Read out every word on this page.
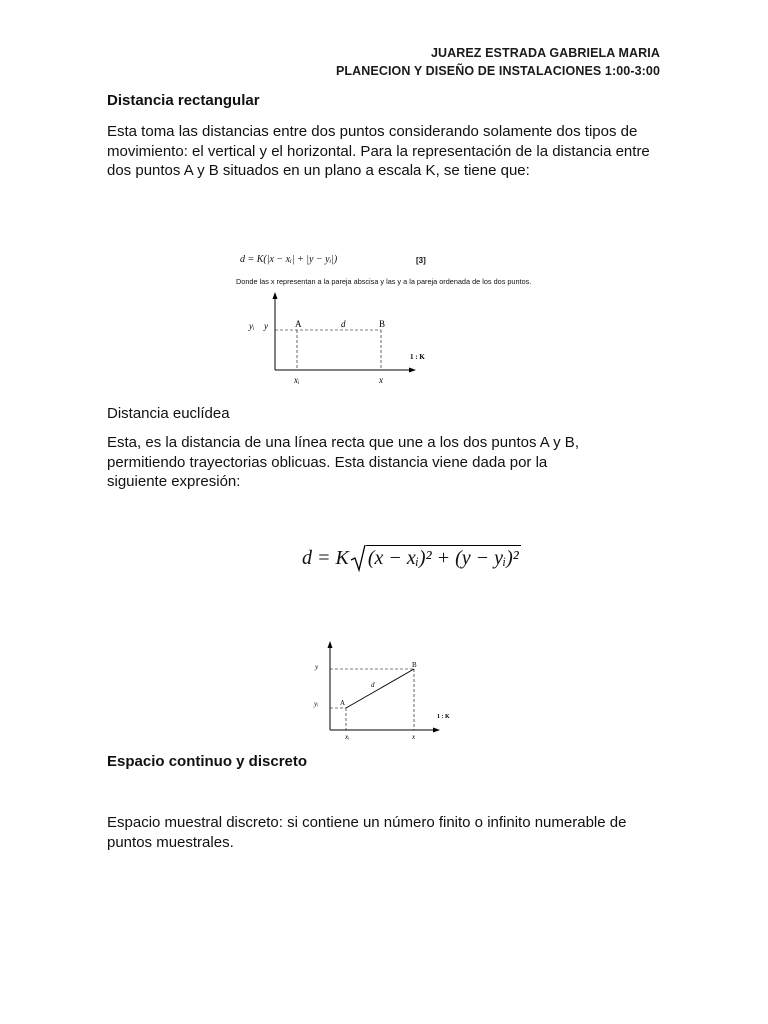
JUAREZ ESTRADA GABRIELA MARIA
PLANECION Y DISEÑO DE INSTALACIONES 1:00-3:00
Distancia rectangular
Esta toma las distancias entre dos puntos considerando solamente dos tipos de movimiento: el vertical y el horizontal. Para la representación de la distancia entre dos puntos A y B situados en un plano a escala K, se tiene que:
d = K(|x − xᵢ| + |y − yᵢ|)	[3]
Donde las x representan a la pareja abscisa y las y a la pareja ordenada de los dos puntos.
yᵢ y	A	d	B
1 : K
xᵢ	x
Distancia euclídea
Esta, es la distancia de una línea recta que une a los dos puntos A y B, permitiendo trayectorias oblicuas. Esta distancia viene dada por la siguiente expresión:
d = K (x − xᵢ)² + (y − yᵢ)²
y
yᵢ	A
B
d
1 : K
xᵢ	x
Espacio continuo y discreto
Espacio muestral discreto: si contiene un número finito o infinito numerable de puntos muestrales.
